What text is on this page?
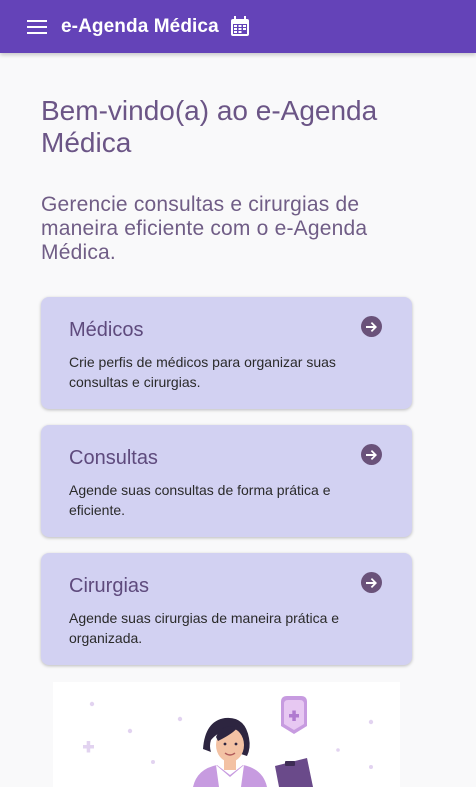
e-Agenda Médica
Bem-vindo(a) ao e-Agenda Médica

Gerencie consultas e cirurgias de maneira eficiente com o e-Agenda Médica.

Médicos
Crie perfis de médicos para organizar suas consultas e cirurgias.
Consultas
Agende suas consultas de forma prática e eficiente.
Cirurgias
Agende suas cirurgias de maneira prática e organizada.
